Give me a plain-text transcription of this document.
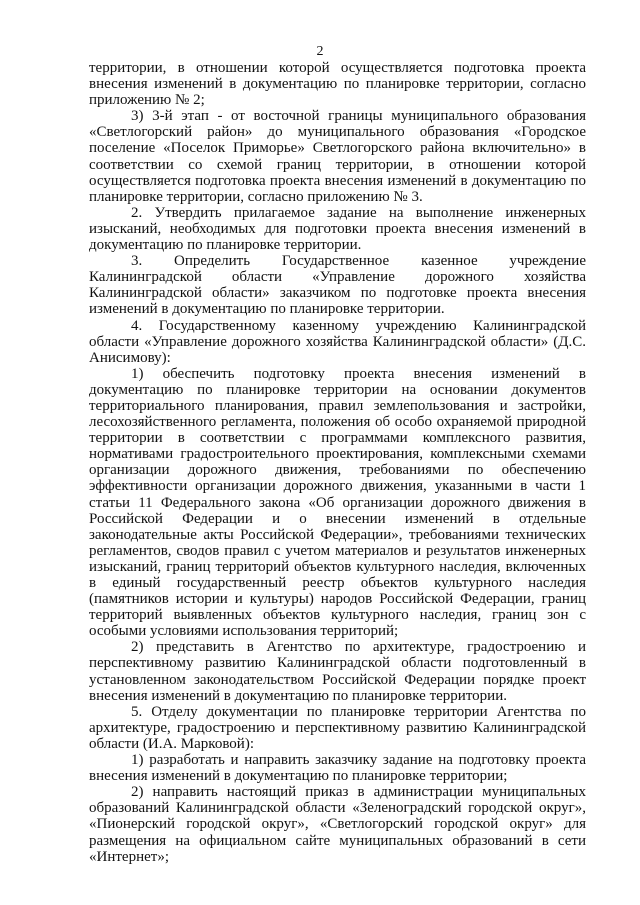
2

территории, в отношении которой осуществляется подготовка проекта внесения изменений в документацию по планировке территории, согласно приложению № 2;

3) 3-й этап - от восточной границы муниципального образования «Светлогорский район» до муниципального образования «Городское поселение «Поселок Приморье» Светлогорского района включительно» в соответствии со схемой границ территории, в отношении которой осуществляется подготовка проекта внесения изменений в документацию по планировке территории, согласно приложению № 3.

2. Утвердить прилагаемое задание на выполнение инженерных изысканий, необходимых для подготовки проекта внесения изменений в документацию по планировке территории.

3. Определить Государственное казенное учреждение Калининградской области «Управление дорожного хозяйства Калининградской области» заказчиком по подготовке проекта внесения изменений в документацию по планировке территории.

4. Государственному казенному учреждению Калининградской области «Управление дорожного хозяйства Калининградской области» (Д.С. Анисимову):

1) обеспечить подготовку проекта внесения изменений в документацию по планировке территории на основании документов территориального планирования, правил землепользования и застройки, лесохозяйственного регламента, положения об особо охраняемой природной территории в соответствии с программами комплексного развития, нормативами градостроительного проектирования, комплексными схемами организации дорожного движения, требованиями по обеспечению эффективности организации дорожного движения, указанными в части 1 статьи 11 Федерального закона «Об организации дорожного движения в Российской Федерации и о внесении изменений в отдельные законодательные акты Российской Федерации», требованиями технических регламентов, сводов правил с учетом материалов и результатов инженерных изысканий, границ территорий объектов культурного наследия, включенных в единый государственный реестр объектов культурного наследия (памятников истории и культуры) народов Российской Федерации, границ территорий выявленных объектов культурного наследия, границ зон с особыми условиями использования территорий;

2) представить в Агентство по архитектуре, градостроению и перспективному развитию Калининградской области подготовленный в установленном законодательством Российской Федерации порядке проект внесения изменений в документацию по планировке территории.

5. Отделу документации по планировке территории Агентства по архитектуре, градостроению и перспективному развитию Калининградской области (И.А. Марковой):

1) разработать и направить заказчику задание на подготовку проекта внесения изменений в документацию по планировке территории;

2) направить настоящий приказ в администрации муниципальных образований Калининградской области «Зеленоградский городской округ», «Пионерский городской округ», «Светлогорский городской округ» для размещения на официальном сайте муниципальных образований в сети «Интернет»;
